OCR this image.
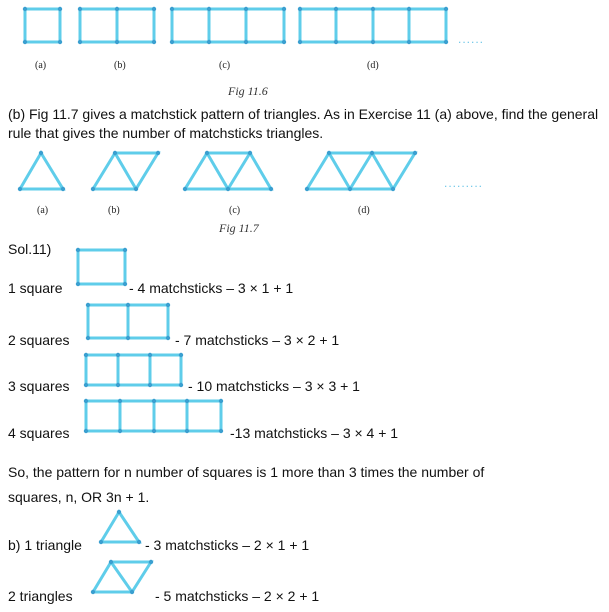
......
(a)	(b)	(c)	(d)
Fig 11.6
(b) Fig 11.7 gives a matchstick pattern of triangles. As in Exercise 11 (a) above, find the general rule that gives the number of matchsticks triangles.
.........
(a)	(b)	(c)	(d)
Fig 11.7
Sol.11)
1 square	- 4 matchsticks – 3 × 1 + 1
2 squares	- 7 matchsticks – 3 × 2 + 1
3 squares	- 10 matchsticks – 3 × 3 + 1
4 squares	-13 matchsticks – 3 × 4 + 1
So, the pattern for n number of squares is 1 more than 3 times the number of
squares, n, OR 3n + 1.
b) 1 triangle	- 3 matchsticks – 2 × 1 + 1
2 triangles	- 5 matchsticks – 2 × 2 + 1
